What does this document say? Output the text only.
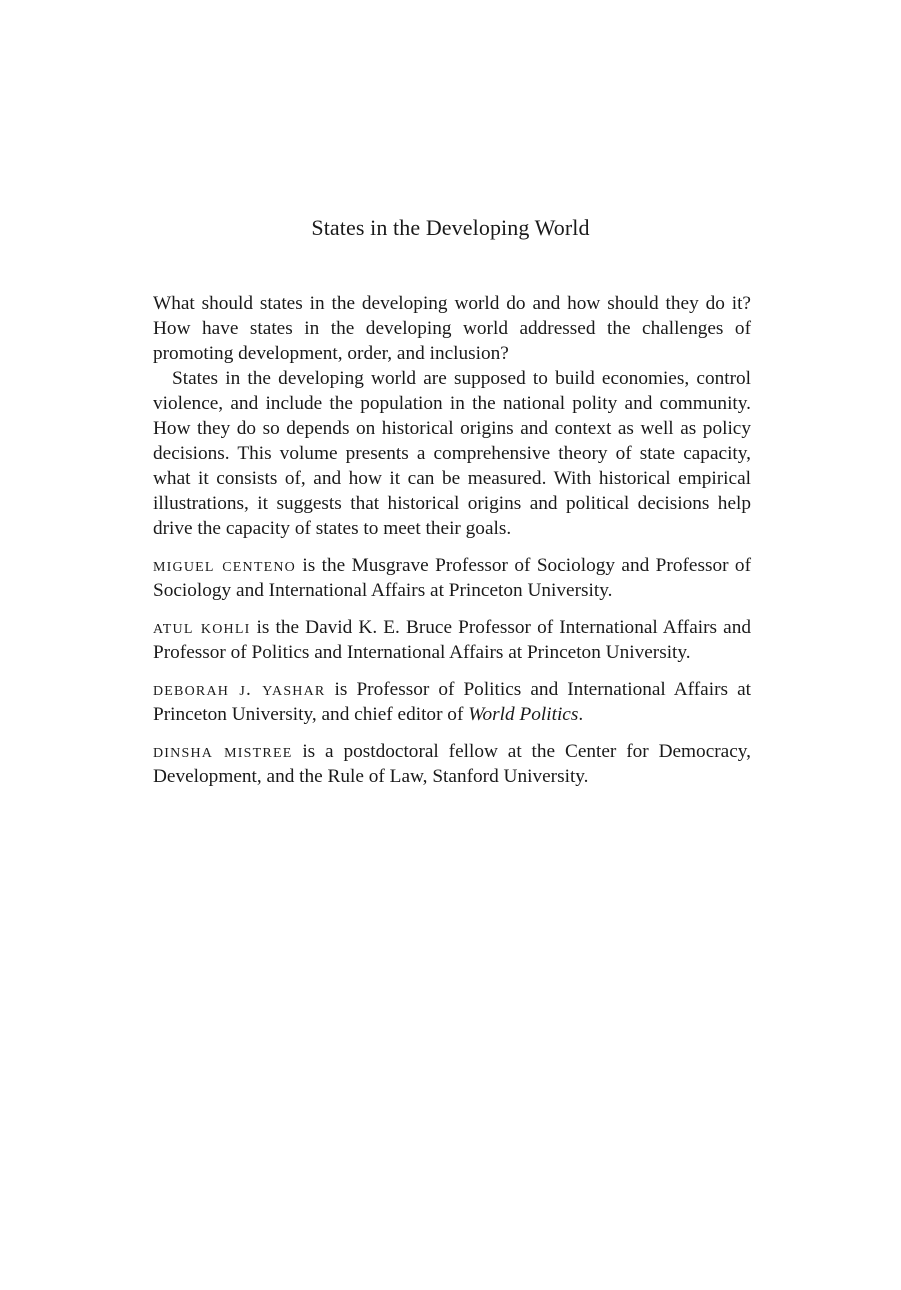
States in the Developing World

What should states in the developing world do and how should they do it? How have states in the developing world addressed the challenges of promoting development, order, and inclusion?

States in the developing world are supposed to build economies, control violence, and include the population in the national polity and community. How they do so depends on historical origins and context as well as policy decisions. This volume presents a comprehensive theory of state capacity, what it consists of, and how it can be measured. With historical empirical illustrations, it suggests that historical origins and political decisions help drive the capacity of states to meet their goals.

miguel centeno is the Musgrave Professor of Sociology and Professor of Sociology and International Affairs at Princeton University.

atul kohli is the David K. E. Bruce Professor of International Affairs and Professor of Politics and International Affairs at Princeton University.

deborah j. yashar is Professor of Politics and International Affairs at Princeton University, and chief editor of World Politics.

dinsha mistree is a postdoctoral fellow at the Center for Democracy, Development, and the Rule of Law, Stanford University.
